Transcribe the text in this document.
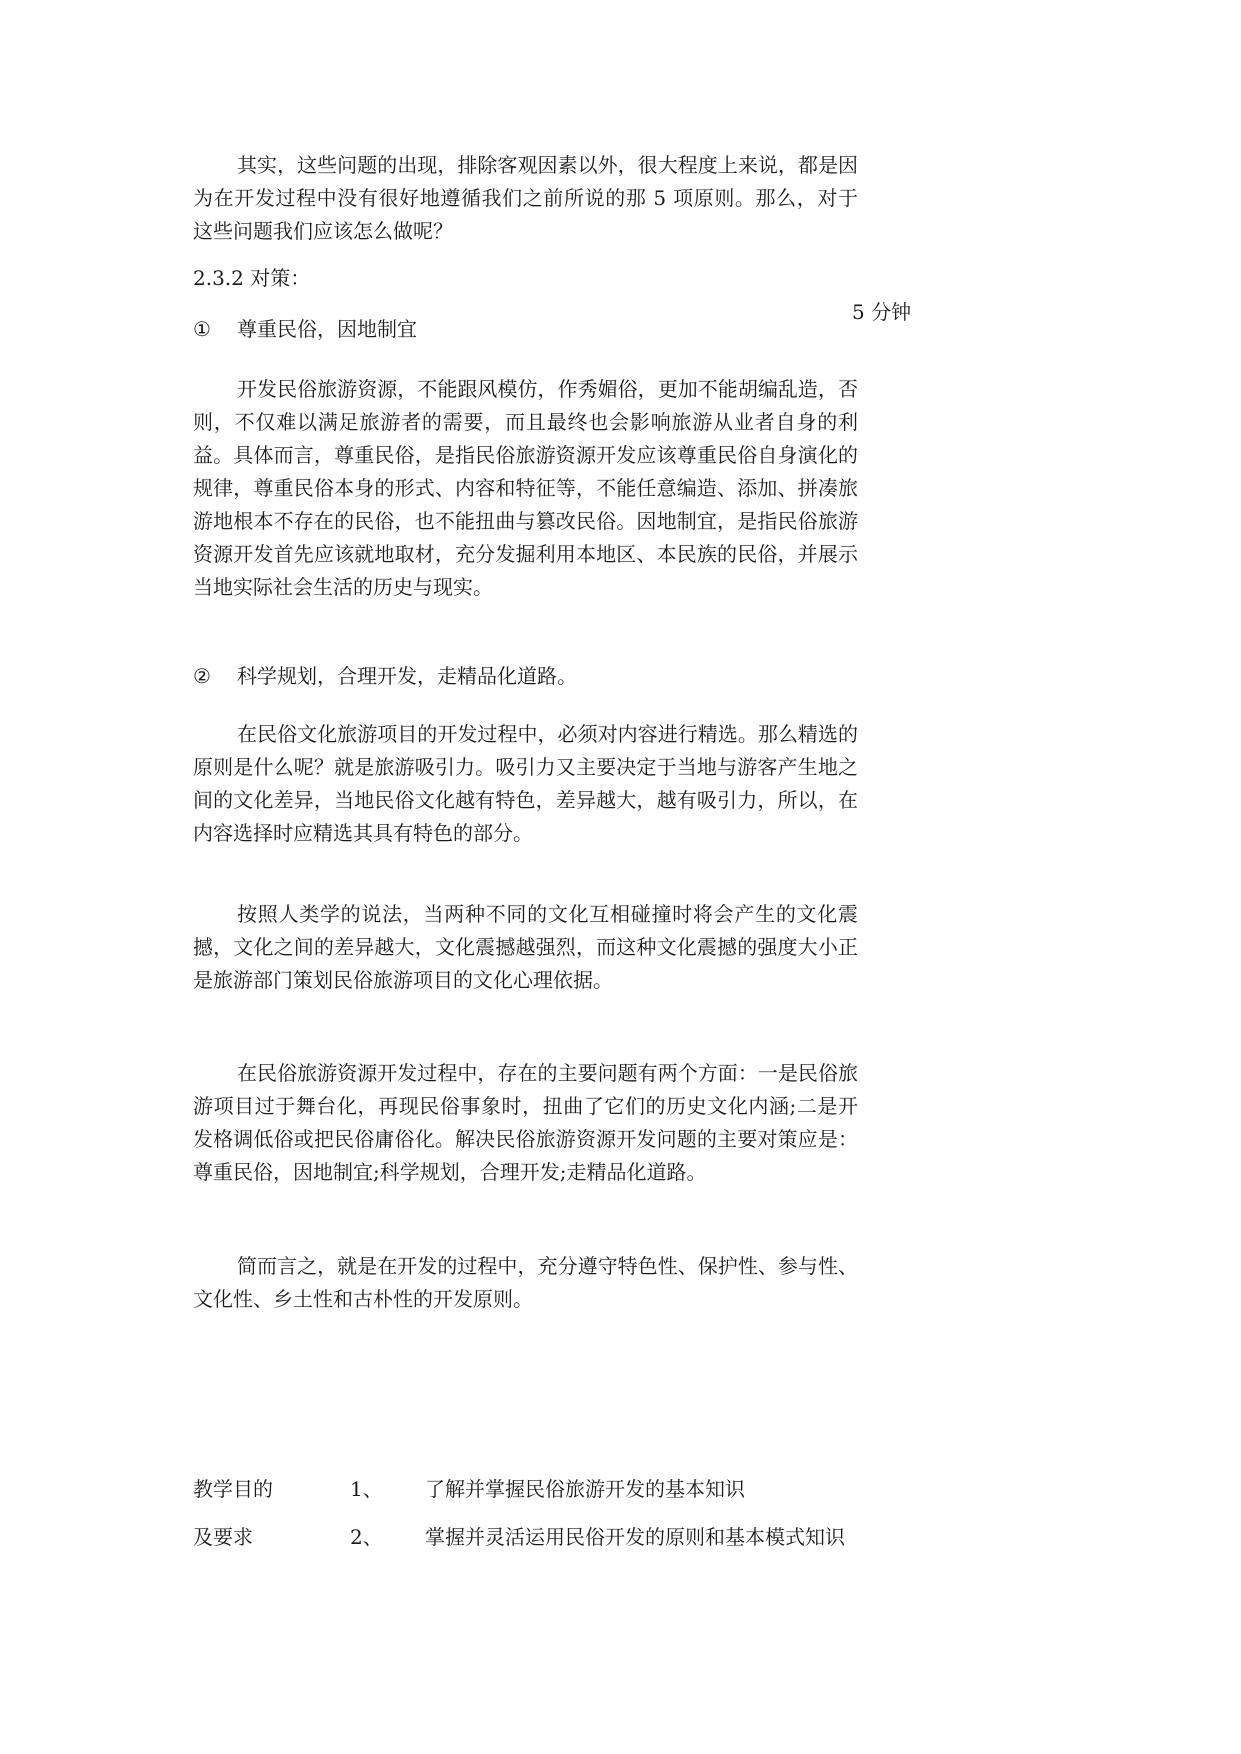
其实，这些问题的出现，排除客观因素以外，很大程度上来说，都是因为在开发过程中没有很好地遵循我们之前所说的那 5 项原则。那么，对于这些问题我们应该怎么做呢？

2.3.2 对策：

5 分钟

① 尊重民俗，因地制宜

开发民俗旅游资源，不能跟风模仿，作秀媚俗，更加不能胡编乱造，否则，不仅难以满足旅游者的需要，而且最终也会影响旅游从业者自身的利益。具体而言，尊重民俗，是指民俗旅游资源开发应该尊重民俗自身演化的规律，尊重民俗本身的形式、内容和特征等，不能任意编造、添加、拼凑旅游地根本不存在的民俗，也不能扭曲与篡改民俗。因地制宜，是指民俗旅游资源开发首先应该就地取材，充分发掘利用本地区、本民族的民俗，并展示当地实际社会生活的历史与现实。

② 科学规划，合理开发，走精品化道路。

在民俗文化旅游项目的开发过程中，必须对内容进行精选。那么精选的原则是什么呢？就是旅游吸引力。吸引力又主要决定于当地与游客产生地之间的文化差异，当地民俗文化越有特色，差异越大，越有吸引力，所以，在内容选择时应精选其具有特色的部分。

按照人类学的说法，当两种不同的文化互相碰撞时将会产生的文化震撼，文化之间的差异越大，文化震撼越强烈，而这种文化震撼的强度大小正是旅游部门策划民俗旅游项目的文化心理依据。

在民俗旅游资源开发过程中，存在的主要问题有两个方面：一是民俗旅游项目过于舞台化，再现民俗事象时，扭曲了它们的历史文化内涵;二是开发格调低俗或把民俗庸俗化。解决民俗旅游资源开发问题的主要对策应是：尊重民俗，因地制宜;科学规划，合理开发;走精品化道路。

简而言之，就是在开发的过程中，充分遵守特色性、保护性、参与性、文化性、乡土性和古朴性的开发原则。

教学目的	1、 了解并掌握民俗旅游开发的基本知识
及要求	2、 掌握并灵活运用民俗开发的原则和基本模式知识
